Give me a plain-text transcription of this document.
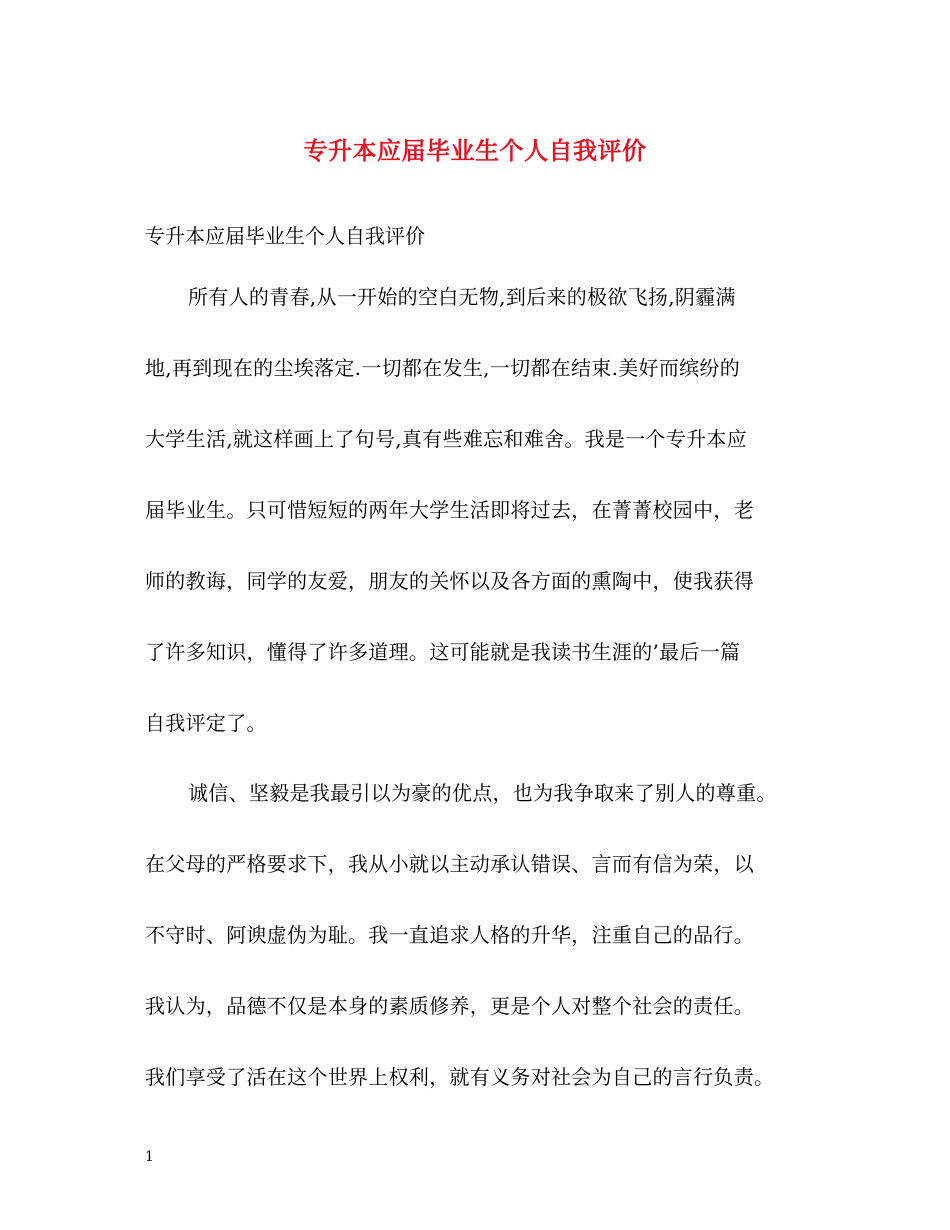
专升本应届毕业生个人自我评价
专升本应届毕业生个人自我评价
所有人的青春,从一开始的空白无物,到后来的极欲飞扬,阴霾满
地,再到现在的尘埃落定.一切都在发生,一切都在结束.美好而缤纷的
大学生活,就这样画上了句号,真有些难忘和难舍。我是一个专升本应
届毕业生。只可惜短短的两年大学生活即将过去，在菁菁校园中，老
师的教诲，同学的友爱，朋友的关怀以及各方面的熏陶中，使我获得
了许多知识，懂得了许多道理。这可能就是我读书生涯的’最后一篇
自我评定了。
诚信、坚毅是我最引以为豪的优点，也为我争取来了别人的尊重。
在父母的严格要求下，我从小就以主动承认错误、言而有信为荣，以
不守时、阿谀虚伪为耻。我一直追求人格的升华，注重自己的品行。
我认为，品德不仅是本身的素质修养，更是个人对整个社会的责任。
我们享受了活在这个世界上权利，就有义务对社会为自己的言行负责。
1
